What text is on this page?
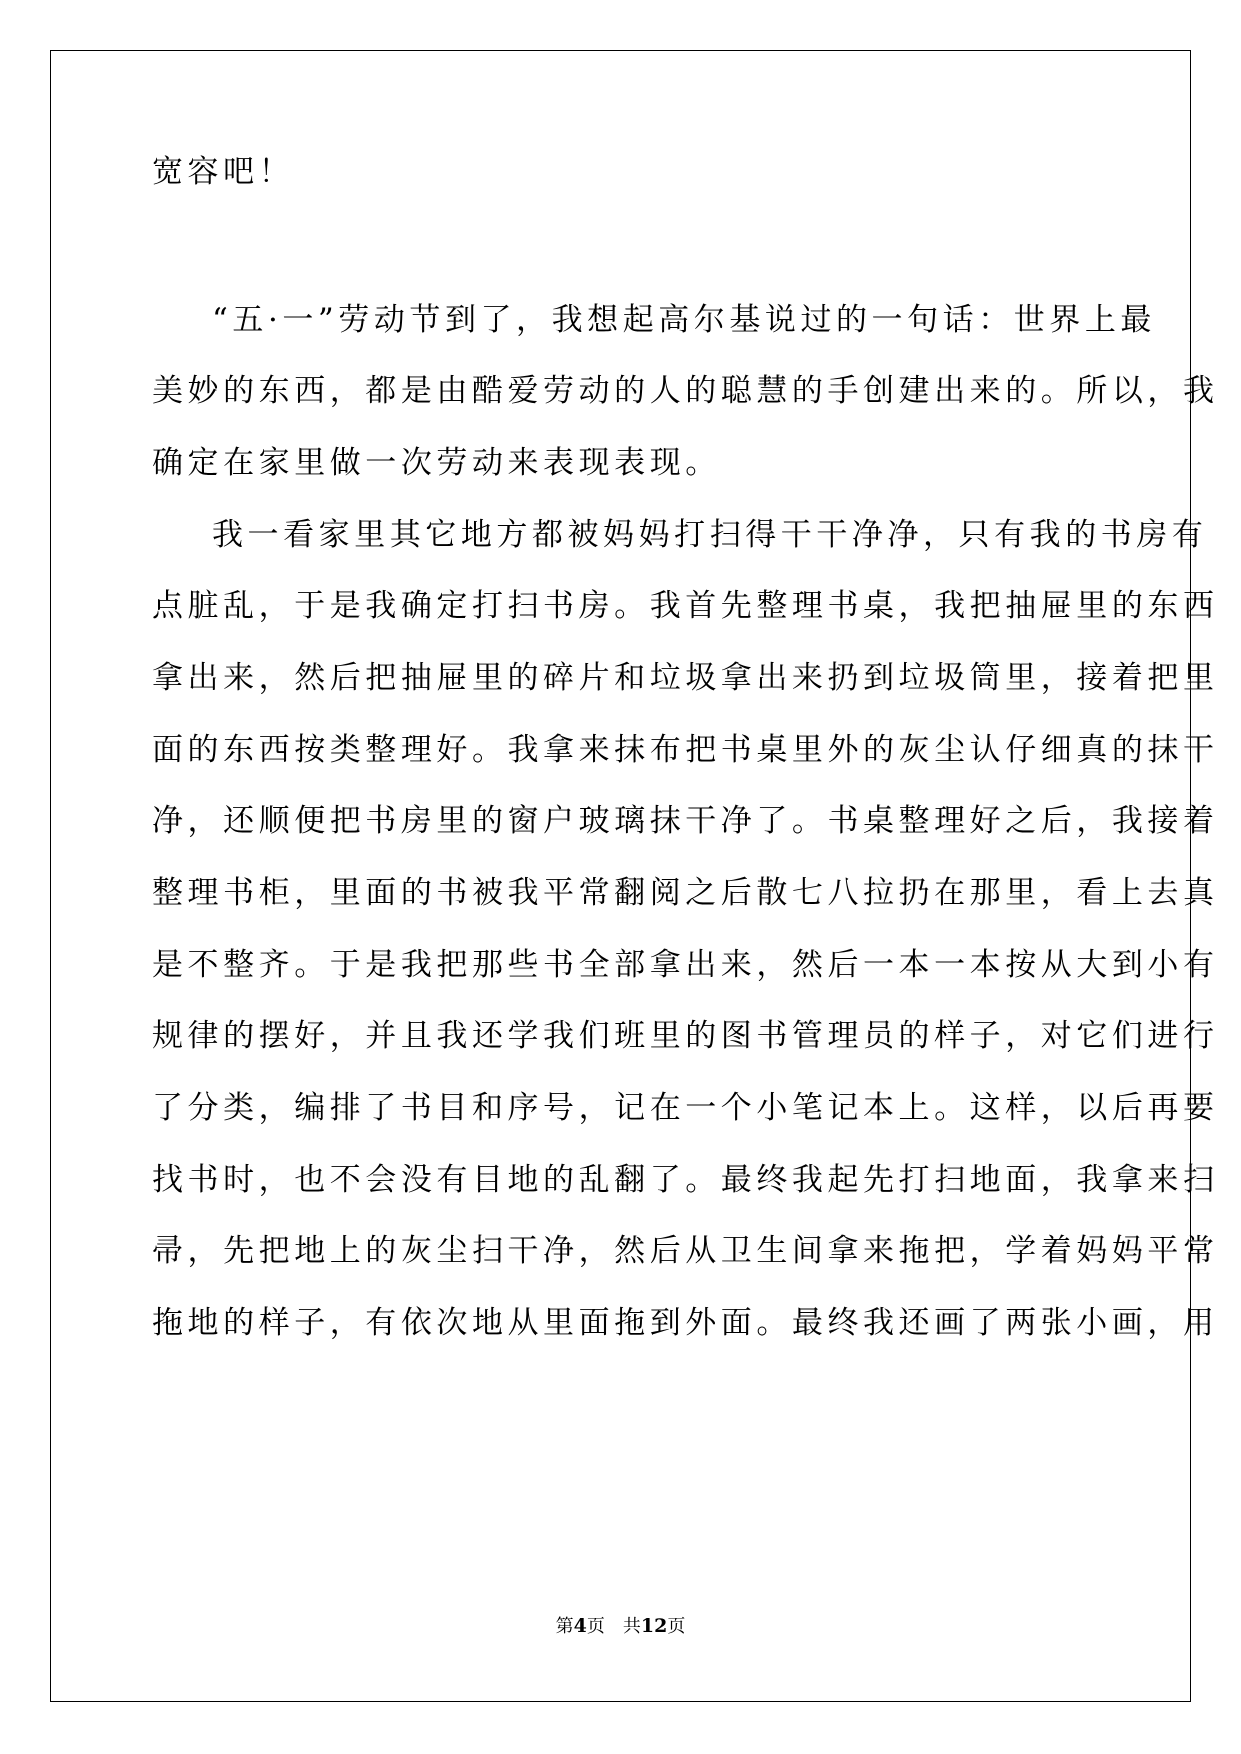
宽容吧！
“五·一”劳动节到了，我想起高尔基说过的一句话：世界上最
美妙的东西，都是由酷爱劳动的人的聪慧的手创建出来的。所以，我
确定在家里做一次劳动来表现表现。
我一看家里其它地方都被妈妈打扫得干干净净，只有我的书房有
点脏乱，于是我确定打扫书房。我首先整理书桌，我把抽屉里的东西
拿出来，然后把抽屉里的碎片和垃圾拿出来扔到垃圾筒里，接着把里
面的东西按类整理好。我拿来抹布把书桌里外的灰尘认仔细真的抹干
净，还顺便把书房里的窗户玻璃抹干净了。书桌整理好之后，我接着
整理书柜，里面的书被我平常翻阅之后散七八拉扔在那里，看上去真
是不整齐。于是我把那些书全部拿出来，然后一本一本按从大到小有
规律的摆好，并且我还学我们班里的图书管理员的样子，对它们进行
了分类，编排了书目和序号，记在一个小笔记本上。这样，以后再要
找书时，也不会没有目地的乱翻了。最终我起先打扫地面，我拿来扫
帚，先把地上的灰尘扫干净，然后从卫生间拿来拖把，学着妈妈平常
拖地的样子，有依次地从里面拖到外面。最终我还画了两张小画，用
第4页　共12页
